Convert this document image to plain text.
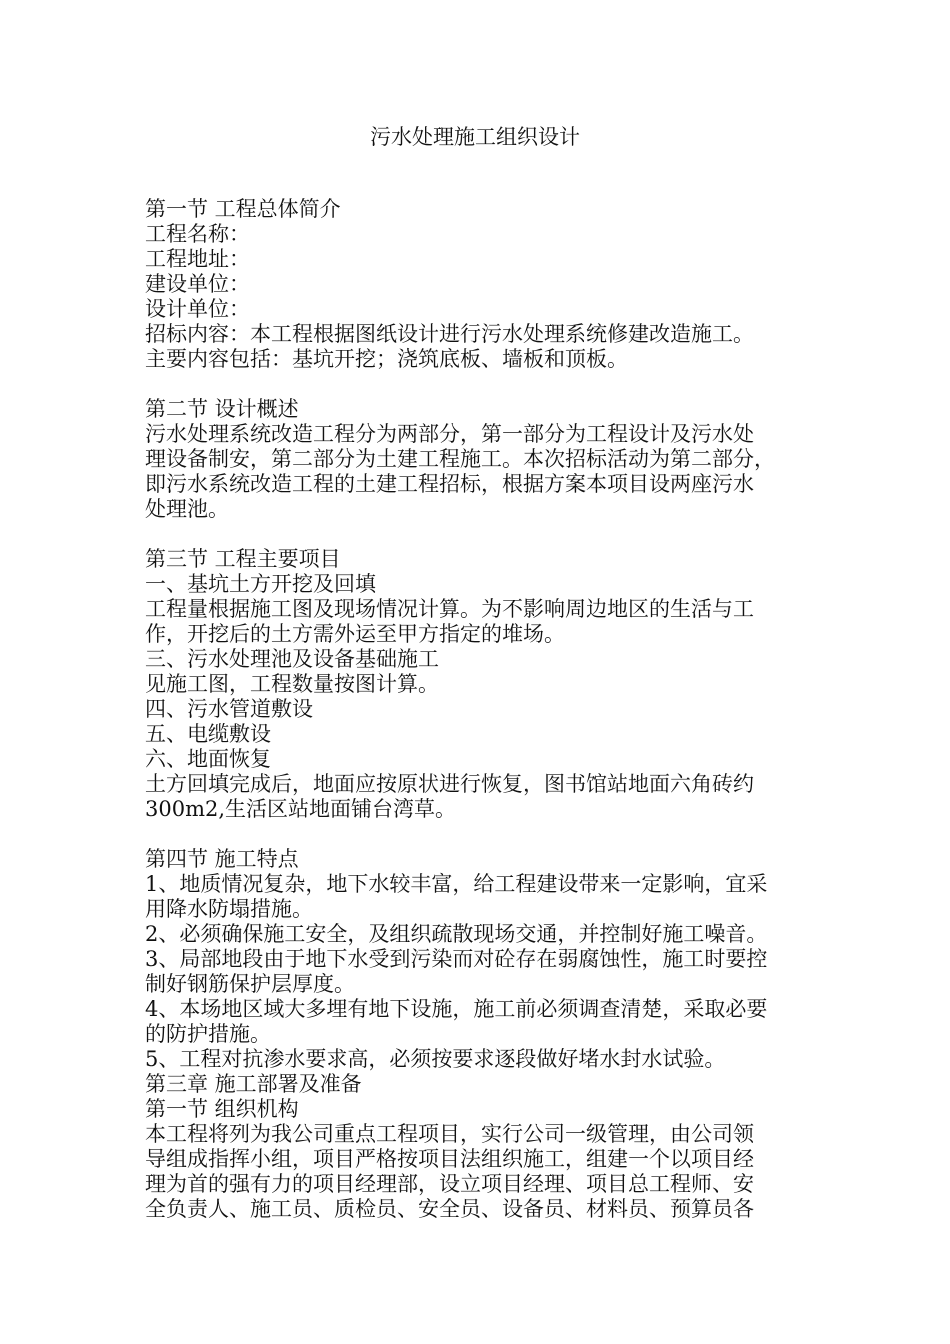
污水处理施工组织设计
第一节 工程总体简介
工程名称：
工程地址：
建设单位：
设计单位：
招标内容：本工程根据图纸设计进行污水处理系统修建改造施工。
主要内容包括：基坑开挖；浇筑底板、墙板和顶板。
第二节 设计概述
污水处理系统改造工程分为两部分，第一部分为工程设计及污水处
理设备制安，第二部分为土建工程施工。本次招标活动为第二部分，
即污水系统改造工程的土建工程招标，根据方案本项目设两座污水
处理池。
第三节 工程主要项目
一、基坑土方开挖及回填
工程量根据施工图及现场情况计算。为不影响周边地区的生活与工
作，开挖后的土方需外运至甲方指定的堆场。
三、污水处理池及设备基础施工
见施工图，工程数量按图计算。
四、污水管道敷设
五、电缆敷设
六、地面恢复
土方回填完成后，地面应按原状进行恢复，图书馆站地面六角砖约
300m2,生活区站地面铺台湾草。
第四节 施工特点
1、地质情况复杂，地下水较丰富，给工程建设带来一定影响，宜采
用降水防塌措施。
2、必须确保施工安全，及组织疏散现场交通，并控制好施工噪音。
3、局部地段由于地下水受到污染而对砼存在弱腐蚀性，施工时要控
制好钢筋保护层厚度。
4、本场地区域大多埋有地下设施，施工前必须调查清楚，采取必要
的防护措施。
5、工程对抗渗水要求高，必须按要求逐段做好堵水封水试验。
第三章 施工部署及准备
第一节 组织机构
本工程将列为我公司重点工程项目，实行公司一级管理，由公司领
导组成指挥小组，项目严格按项目法组织施工，组建一个以项目经
理为首的强有力的项目经理部，设立项目经理、项目总工程师、安
全负责人、施工员、质检员、安全员、设备员、材料员、预算员各
